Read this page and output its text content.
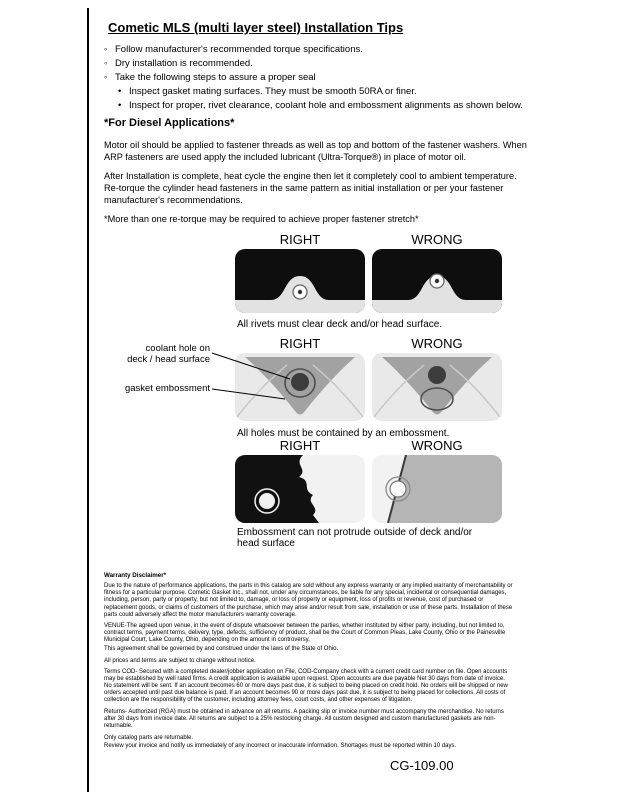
Cometic MLS (multi layer steel) Installation Tips
◦ Follow manufacturer's recommended torque specifications.
◦ Dry installation is recommended.
◦ Take the following steps to assure a proper seal
• Inspect gasket mating surfaces. They must be smooth 50RA or finer.
• Inspect for proper, rivet clearance, coolant hole and embossment alignments as shown below.
*For Diesel Applications*

Motor oil should be applied to fastener threads as well as top and bottom of the fastener washers. When ARP fasteners are used apply the included lubricant (Ultra-Torque®) in place of motor oil.

After Installation is complete, heat cycle the engine then let it completely cool to ambient temperature. Re-torque the cylinder head fasteners in the same pattern as initial installation or per your fastener manufacturer's recommendations.

*More than one re-torque may be required to achieve proper fastener stretch*

RIGHT	WRONG
All rivets must clear deck and/or head surface.
RIGHT	WRONG
coolant hole on
deck / head surface
gasket embossment
All holes must be contained by an embossment.
RIGHT	WRONG
Embossment can not protrude outside of deck and/or head surface
Warranty Disclaimer*

Due to the nature of performance applications, the parts in this catalog are sold without any express warranty or any implied warranty of merchantability or fitness for a particular purpose. Cometic Gasket Inc., shall not, under any circumstances, be liable for any special, incidental or consequential damages, including, person, party or property, but not limited to, damage, or loss of property or equipment, loss of profits or revenue, cost of purchased or replacement goods, or claims of customers of the purchase, which may arise and/or result from sale, installation or use of these parts. Installation of these parts could adversely affect the motor manufacturers warranty coverage.

VENUE-The agreed upon venue, in the event of dispute whatsoever between the parties, whether instituted by either party, including, but not limited to, contract terms, payment terms, delivery, type, defects, sufficiency of product, shall be the Court of Common Pleas, Lake County, Ohio or the Painesville Municipal Court, Lake County, Ohio, depending on the amount in controversy.

This agreement shall be governed by and construed under the laws of the State of Ohio.

All prices and terms are subject to change without notice.

Terms COD- Secured with a completed dealer/jobber application on File, COD-Company check with a current credit card number on file. Open accounts may be established by well rated firms. A credit application is available upon request. Open accounts are due payable Net 30 days from date of invoice. No statement will be sent. If an account becomes 60 or more days past due, it is subject to being placed on credit hold. No orders will be shipped or new orders accepted until past due balance is paid. If an account becomes 90 or more days past due, it is subject to being placed for collections. All costs of collection are the responsibility of the customer, including attorney fees, court costs, and other expenses of litigation.

Returns- Authorized (RGA) must be obtained in advance on all returns. A packing slip or invoice number must accompany the merchandise. No returns after 30 days from invoice date. All returns are subject to a 25% restocking charge. All custom designed and custom manufactured gaskets are non-returnable.

Only catalog parts are returnable.

Review your invoice and notify us immediately of any incorrect or inaccurate information. Shortages must be reported within 10 days.

CG-109.00
